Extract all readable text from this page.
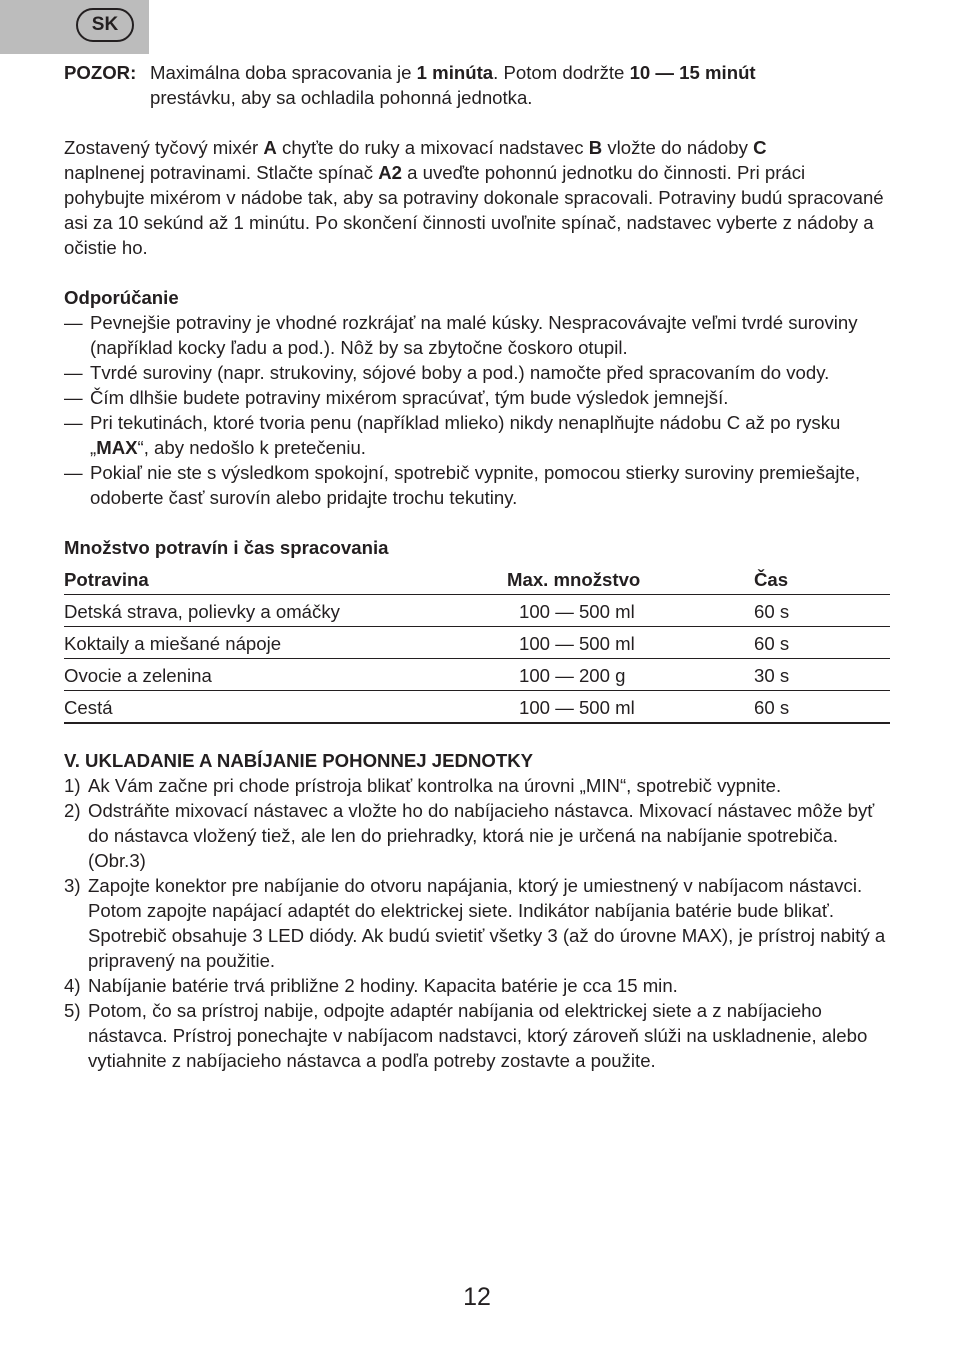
SK

POZOR: Maximálna doba spracovania je 1 minúta. Potom dodržte 10 — 15 minút
prestávku, aby sa ochladila pohonná jednotka.

Zostavený tyčový mixér A chyťte do ruky a mixovací nadstavec B vložte do nádoby C
naplnenej potravinami. Stlačte spínač A2 a uveďte pohonnú jednotku do činnosti. Pri práci pohybujte mixérom v nádobe tak, aby sa potraviny dokonale spracovali. Potraviny budú spracované asi za 10 sekúnd až 1 minútu. Po skončení činnosti uvoľnite spínač, nadstavec vyberte z nádoby a očistie ho.

Odporúčanie

— Pevnejšie potraviny je vhodné rozkrájať na malé kúsky. Nespracovávajte veľmi tvrdé suroviny (například kocky ľadu a pod.). Nôž by sa zbytočne čoskoro otupil.

— Tvrdé suroviny (napr. strukoviny, sójové boby a pod.) namočte před spracovaním do vody.

— Čím dlhšie budete potraviny mixérom spracúvať, tým bude výsledok jemnejší.

— Pri tekutinách, ktoré tvoria penu (například mlieko) nikdy nenaplňujte nádobu C až po rysku „MAX“, aby nedošlo k pretečeniu.

— Pokiaľ nie ste s výsledkom spokojní, spotrebič vypnite, pomocou stierky suroviny premiešajte, odoberte časť surovín alebo pridajte trochu tekutiny.

Množstvo potravín i čas spracovania

Potravina	Max. množstvo	Čas
Detská strava, polievky a omáčky	100 — 500 ml	60 s
Koktaily a miešané nápoje	100 — 500 ml	60 s
Ovocie a zelenina	100 — 200 g	30 s
Cestá	100 — 500 ml	60 s

V. UKLADANIE A NABÍJANIE POHONNEJ JEDNOTKY

1) Ak Vám začne pri chode prístroja blikať kontrolka na úrovni „MIN“, spotrebič vypnite.

2) Odstráňte mixovací nástavec a vložte ho do nabíjacieho nástavca. Mixovací nástavec môže byť do nástavca vložený tiež, ale len do priehradky, ktorá nie je určená na nabíjanie spotrebiča. (Obr.3)

3) Zapojte konektor pre nabíjanie do otvoru napájania, ktorý je umiestnený v nabíjacom nástavci. Potom zapojte napájací adaptét do elektrickej siete. Indikátor nabíjania batérie bude blikať. Spotrebič obsahuje 3 LED diódy. Ak budú svietiť všetky 3 (až do úrovne MAX), je prístroj nabitý a pripravený na použitie.

4) Nabíjanie batérie trvá približne 2 hodiny. Kapacita batérie je cca 15 min.

5) Potom, čo sa prístroj nabije, odpojte adaptér nabíjania od elektrickej siete a z nabíjacieho nástavca. Prístroj ponechajte v nabíjacom nadstavci, ktorý zároveň slúži na uskladnenie, alebo vytiahnite z nabíjacieho nástavca a podľa potreby zostavte a použite.

12
